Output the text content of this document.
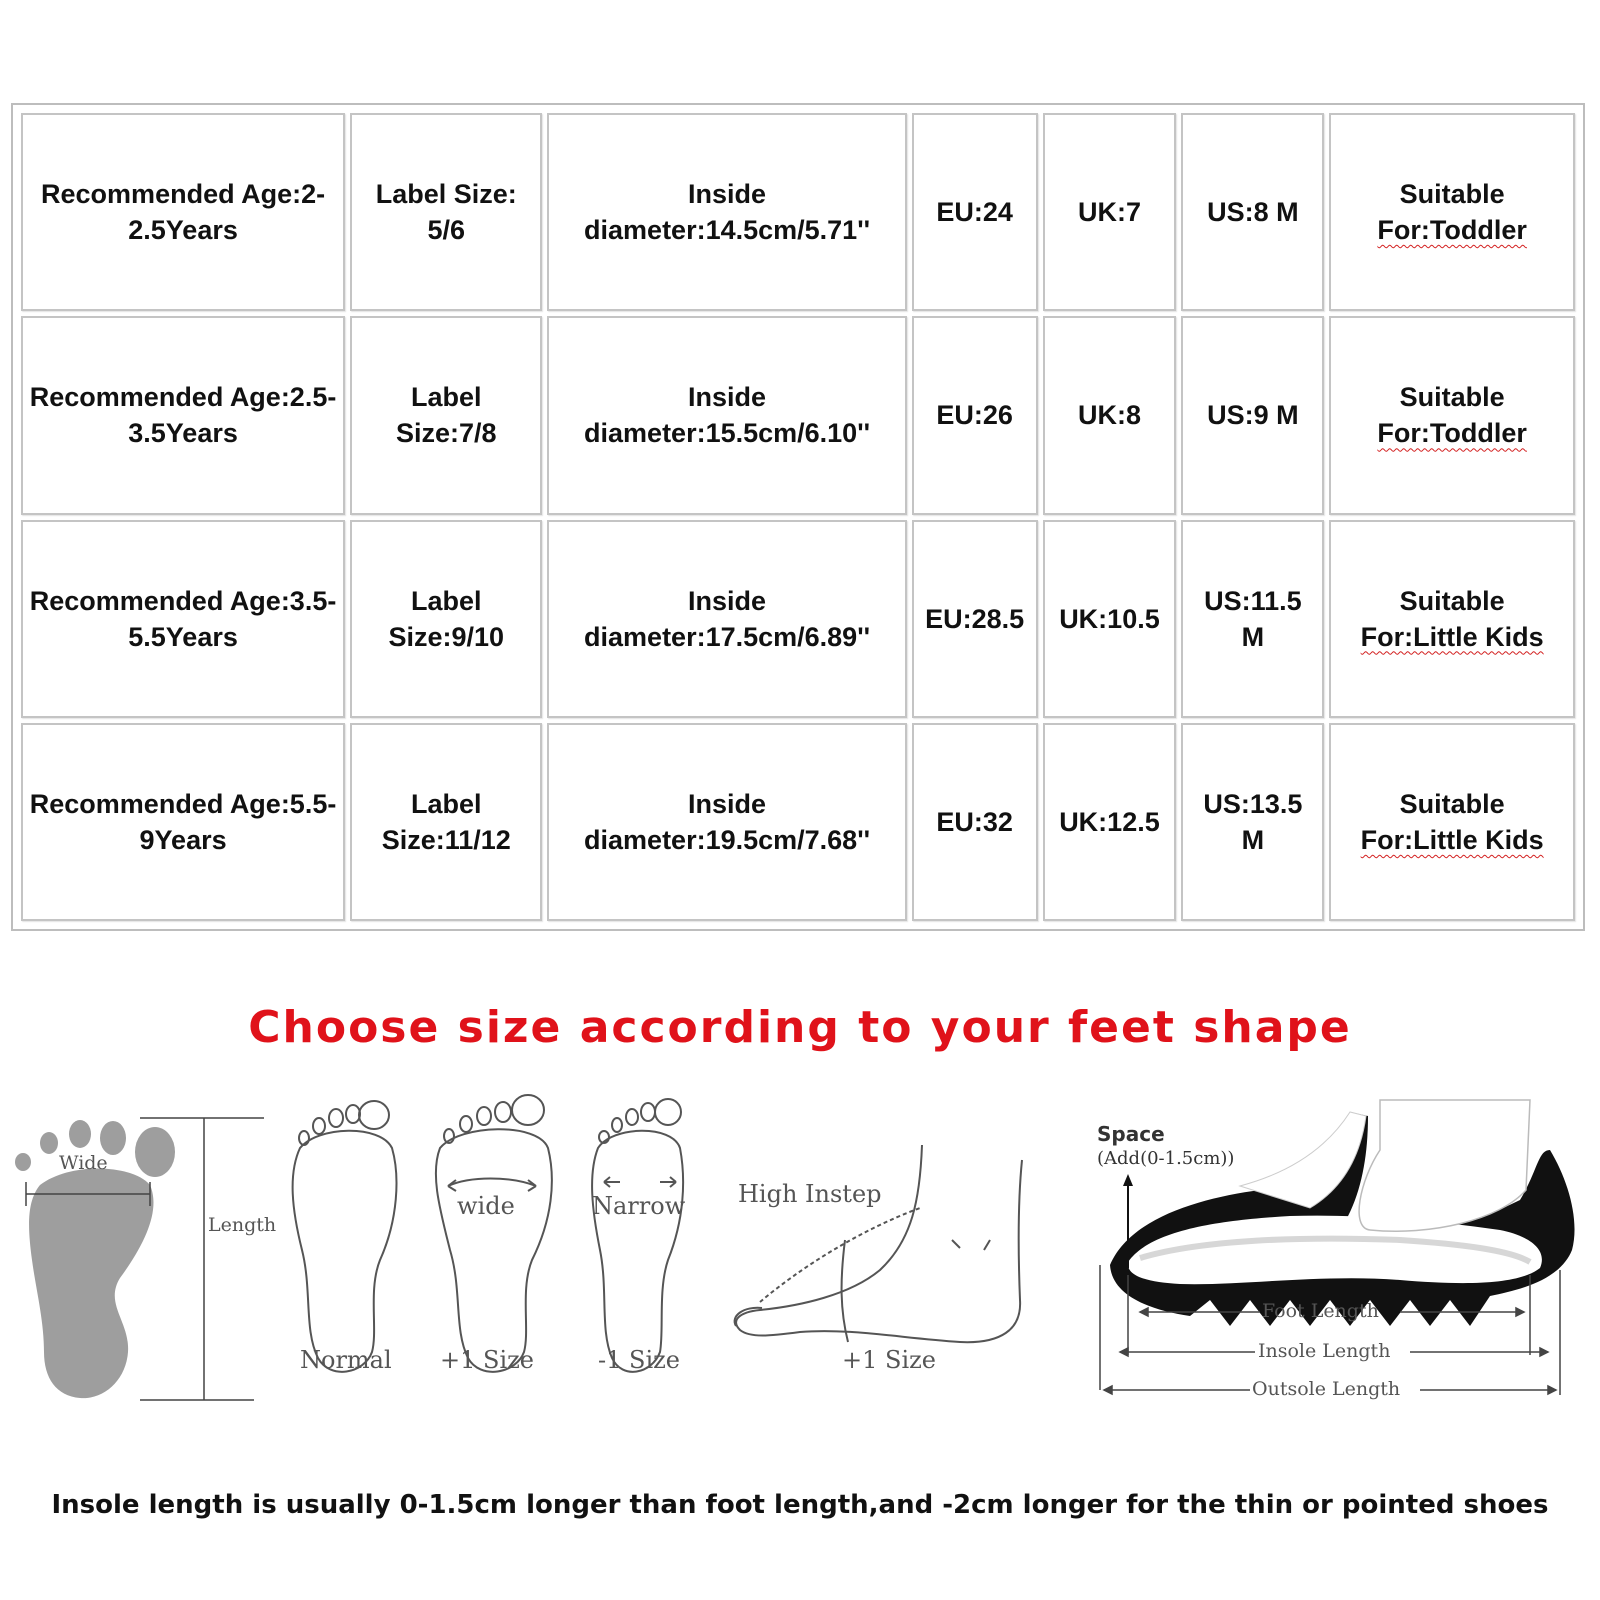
Recommended Age:2-2.5Years	Label Size: 5/6	Inside diameter:14.5cm/5.71''	EU:24	UK:7	US:8 M	Suitable
For:Toddler

Recommended Age:2.5-3.5Years	Label Size:7/8	Inside diameter:15.5cm/6.10''	EU:26	UK:8	US:9 M	Suitable
For:Toddler

Recommended Age:3.5-5.5Years	Label Size:9/10	Inside diameter:17.5cm/6.89''	EU:28.5	UK:10.5	US:11.5 M	Suitable
For:Little Kids

Recommended Age:5.5-9Years	Label Size:11/12	Inside diameter:19.5cm/7.68''	EU:32	UK:12.5	US:13.5 M	Suitable
For:Little Kids
Choose size according to your feet shape
Wide
Length
wide	Narrow
Normal +1 Size	-1 Size
High Instep
+1 Size
Space
(Add(0-1.5cm))
Foot Length
Insole Length
Outsole Length
Insole length is usually 0-1.5cm longer than foot length,and -2cm longer for the thin or pointed shoes
